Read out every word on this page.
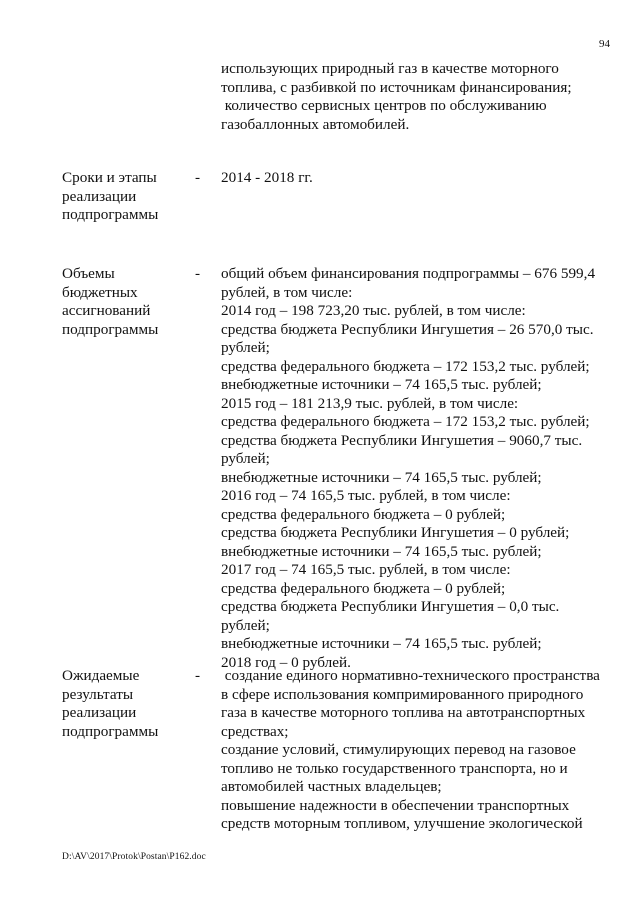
94
использующих природный газ в качестве моторного
топлива, с разбивкой по источникам финансирования;
количество сервисных центров по обслуживанию
газобаллонных автомобилей.
Сроки и этапы
реализации
подпрограммы
- 2014 - 2018 гг.
Объемы
бюджетных
ассигнований
подпрограммы
- общий объем финансирования подпрограммы – 676 599,4
рублей, в том числе:
2014 год – 198 723,20 тыс. рублей, в том числе:
средства бюджета Республики Ингушетия – 26 570,0 тыс.
рублей;
средства федерального бюджета – 172 153,2 тыс. рублей;
внебюджетные источники – 74 165,5 тыс. рублей;
2015 год – 181 213,9 тыс. рублей, в том числе:
средства федерального бюджета – 172 153,2 тыс. рублей;
средства бюджета Республики Ингушетия – 9060,7 тыс.
рублей;
внебюджетные источники – 74 165,5 тыс. рублей;
2016 год – 74 165,5 тыс. рублей, в том числе:
средства федерального бюджета – 0 рублей;
средства бюджета Республики Ингушетия – 0 рублей;
внебюджетные источники – 74 165,5 тыс. рублей;
2017 год – 74 165,5 тыс. рублей, в том числе:
средства федерального бюджета – 0 рублей;
средства бюджета Республики Ингушетия – 0,0 тыс.
рублей;
внебюджетные источники – 74 165,5 тыс. рублей;
2018 год – 0 рублей.
Ожидаемые
результаты
реализации
подпрограммы
- создание единого нормативно-технического пространства
в сфере использования компримированного природного
газа в качестве моторного топлива на автотранспортных
средствах;
создание условий, стимулирующих перевод на газовое
топливо не только государственного транспорта, но и
автомобилей частных владельцев;
повышение надежности в обеспечении транспортных
средств моторным топливом, улучшение экологической
D:\AV\2017\Protok\Postan\P162.doc
